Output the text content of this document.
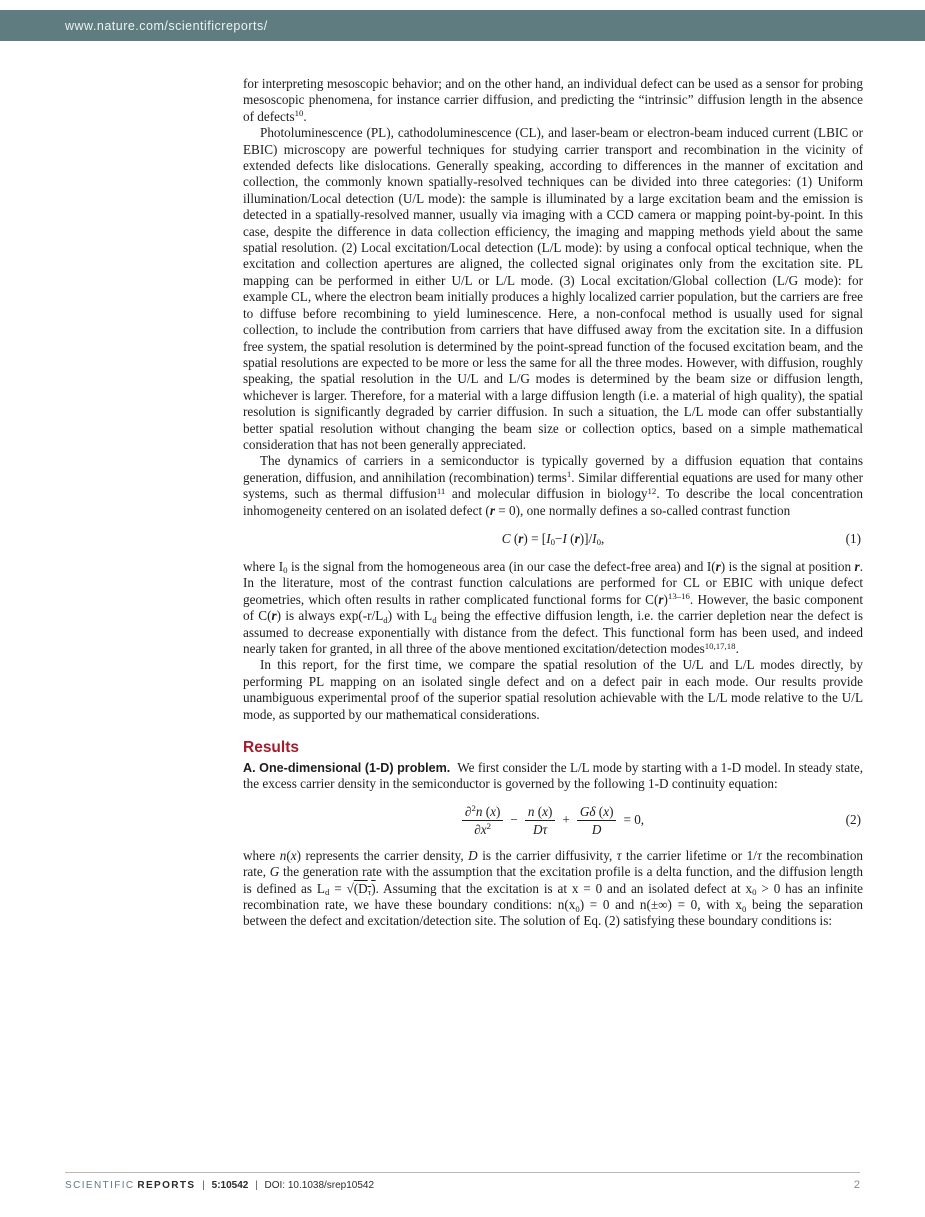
www.nature.com/scientificreports/

for interpreting mesoscopic behavior; and on the other hand, an individual defect can be used as a sensor for probing mesoscopic phenomena, for instance carrier diffusion, and predicting the “intrinsic” diffusion length in the absence of defects$^{10}$.

Photoluminescence (PL), cathodoluminescence (CL), and laser-beam or electron-beam induced current (LBIC or EBIC) microscopy are powerful techniques for studying carrier transport and recombination in the vicinity of extended defects like dislocations. Generally speaking, according to differences in the manner of excitation and collection, the commonly known spatially-resolved techniques can be divided into three categories: (1) Uniform illumination/Local detection (U/L mode): the sample is illuminated by a large excitation beam and the emission is detected in a spatially-resolved manner, usually via imaging with a CCD camera or mapping point-by-point. In this case, despite the difference in data collection efficiency, the imaging and mapping methods yield about the same spatial resolution. (2) Local excitation/Local detection (L/L mode): by using a confocal optical technique, when the excitation and collection apertures are aligned, the collected signal originates only from the excitation site. PL mapping can be performed in either U/L or L/L mode. (3) Local excitation/Global collection (L/G mode): for example CL, where the electron beam initially produces a highly localized carrier population, but the carriers are free to diffuse before recombining to yield luminescence. Here, a non-confocal method is usually used for signal collection, to include the contribution from carriers that have diffused away from the excitation site. In a diffusion free system, the spatial resolution is determined by the point-spread function of the focused excitation beam, and the spatial resolutions are expected to be more or less the same for all the three modes. However, with diffusion, roughly speaking, the spatial resolution in the U/L and L/G modes is determined by the beam size or diffusion length, whichever is larger. Therefore, for a material with a large diffusion length (i.e. a material of high quality), the spatial resolution is significantly degraded by carrier diffusion. In such a situation, the L/L mode can offer substantially better spatial resolution without changing the beam size or collection optics, based on a simple mathematical consideration that has not been generally appreciated.

The dynamics of carriers in a semiconductor is typically governed by a diffusion equation that contains generation, diffusion, and annihilation (recombination) terms$^1$. Similar differential equations are used for many other systems, such as thermal diffusion$^{11}$ and molecular diffusion in biology$^{12}$. To describe the local concentration inhomogeneity centered on an isolated defect (r = 0), one normally defines a so-called contrast function

C $(r) = [I_0-I$ $(r)]/I_0$,	(1)

where $I_0$ is the signal from the homogeneous area (in our case the defect-free area) and I(r) is the signal at position r. In the literature, most of the contrast function calculations are performed for CL or EBIC with unique defect geometries, which often results in rather complicated functional forms for $C(r)^{13-16}$. However, the basic component of C(r) is always $\exp(-r/L_d)$ with $L_d$ being the effective diffusion length, i.e. the carrier depletion near the defect is assumed to decrease exponentially with distance from the defect. This functional form has been used, and indeed nearly taken for granted, in all three of the above mentioned excitation/detection modes$^{10,17,18}$.

In this report, for the first time, we compare the spatial resolution of the U/L and L/L modes directly, by performing PL mapping on an isolated single defect and on a defect pair in each mode. Our results provide unambiguous experimental proof of the superior spatial resolution achievable with the L/L mode relative to the U/L mode, as supported by our mathematical considerations.

Results

A. One-dimensional (1-D) problem. We first consider the L/L mode by starting with a 1-D model. In steady state, the excess carrier density in the semiconductor is governed by the following 1-D continuity equation:

$\frac{\partial^2n (x)}{\partial x^2} - \frac{n (x)}{D\tau} + \frac{G\delta (x)}{D} = 0$,	(2)

where n(x) represents the carrier density, D is the carrier diffusivity, τ the carrier lifetime or 1/τ the recombination rate, G the generation rate with the assumption that the excitation profile is a delta function, and the diffusion length is defined as $L_d = √(D_\tau)$. Assuming that the excitation is at x = 0 and an isolated defect at $x_0 > 0$ has an infinite recombination rate, we have these boundary conditions: $n(x_0) = 0$ and n(±∞) = 0, with $x_0$ being the separation between the defect and excitation/detection site. The solution of Eq. (2) satisfying these boundary conditions is:

SCIENTIFIC REPORTS | 5:10542 | DOI: 10.1038/srep10542	2
